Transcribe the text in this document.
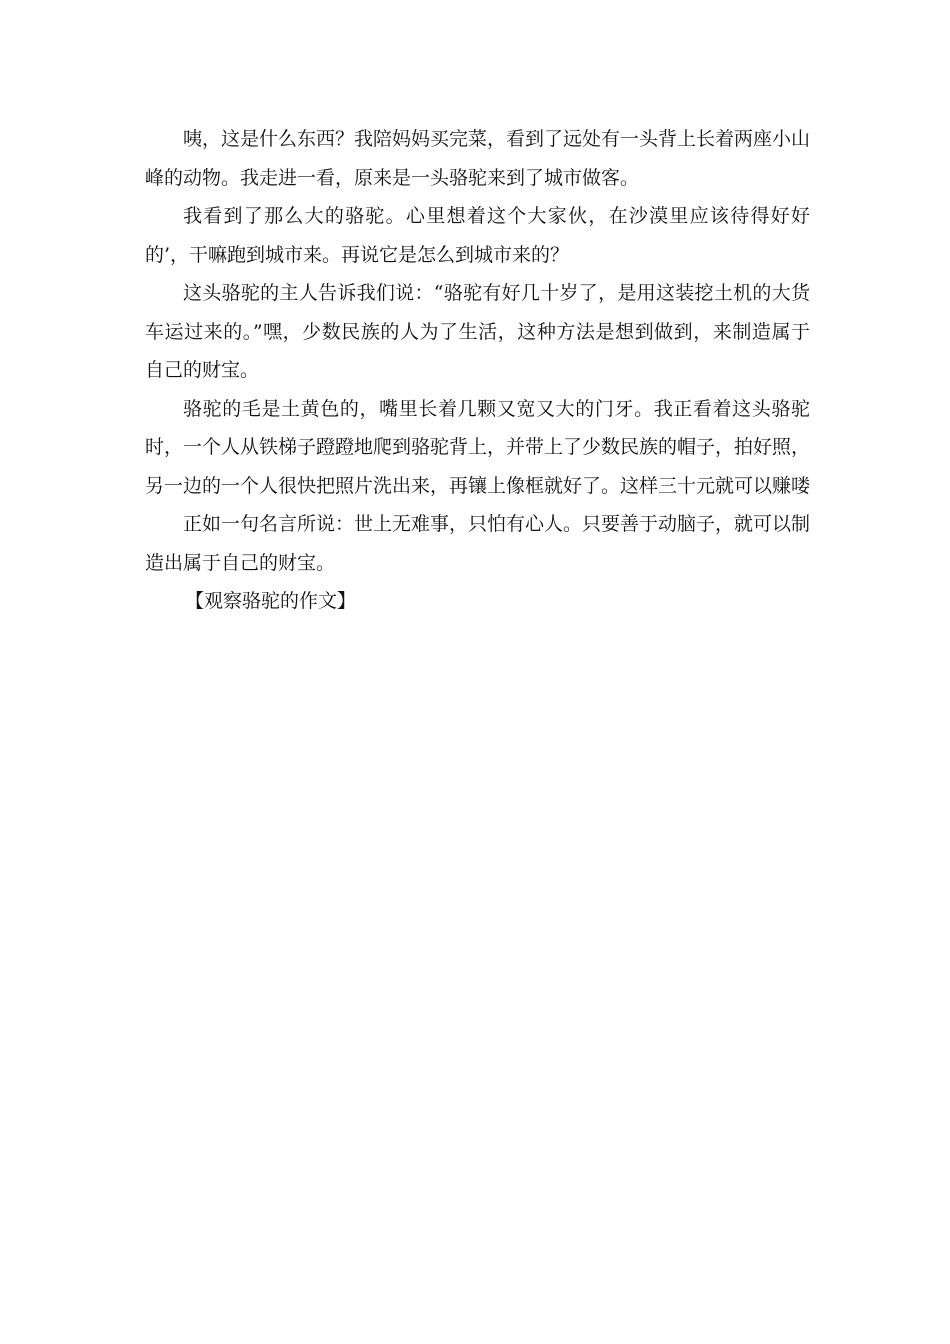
咦，这是什么东西？我陪妈妈买完菜，看到了远处有一头背上长着两座小山峰的动物。我走进一看，原来是一头骆驼来到了城市做客。

我看到了那么大的骆驼。心里想着这个大家伙，在沙漠里应该待得好好的’，干嘛跑到城市来。再说它是怎么到城市来的？

这头骆驼的主人告诉我们说：“骆驼有好几十岁了，是用这装挖土机的大货车运过来的。”嘿，少数民族的人为了生活，这种方法是想到做到，来制造属于自己的财宝。

骆驼的毛是土黄色的，嘴里长着几颗又宽又大的门牙。我正看着这头骆驼时，一个人从铁梯子蹬蹬地爬到骆驼背上，并带上了少数民族的帽子，拍好照，另一边的一个人很快把照片洗出来，再镶上像框就好了。这样三十元就可以赚喽

正如一句名言所说：世上无难事，只怕有心人。只要善于动脑子，就可以制造出属于自己的财宝。

【观察骆驼的作文】
